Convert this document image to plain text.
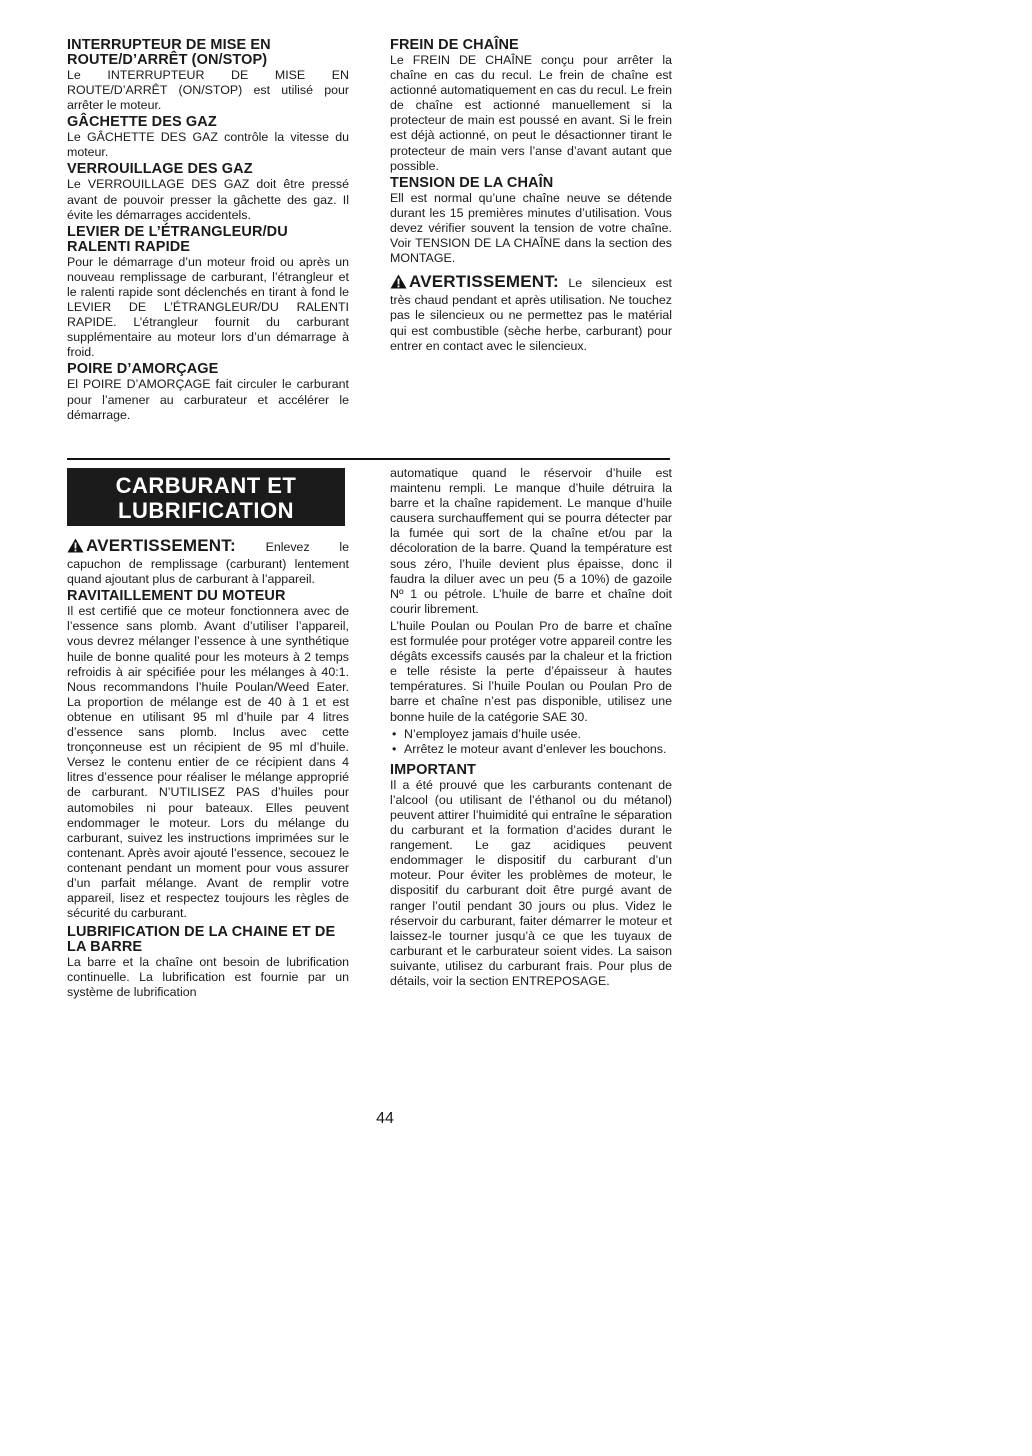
INTERRUPTEUR DE MISE EN ROUTE/D’ARRÊT (ON/STOP)

Le INTERRUPTEUR DE MISE EN ROUTE/D’ARRÊT (ON/STOP) est utilisé pour arrêter le moteur.

GÂCHETTE DES GAZ

Le GÂCHETTE DES GAZ contrôle la vitesse du moteur.

VERROUILLAGE DES GAZ

Le VERROUILLAGE DES GAZ doit être pressé avant de pouvoir presser la gâchette des gaz. Il évite les démarrages accidentels.

LEVIER DE L’ÉTRANGLEUR/DU RALENTI RAPIDE

Pour le démarrage d’un moteur froid ou après un nouveau remplissage de carburant, l’étrangleur et le ralenti rapide sont déclenchés en tirant à fond le LEVIER DE L’ÉTRANGLEUR/DU RALENTI RAPIDE. L’étrangleur fournit du carburant supplémentaire au moteur lors d’un démarrage à froid.

POIRE D’AMORÇAGE

El POIRE D’AMORÇAGE fait circuler le carburant pour l’amener au carburateur et accélérer le démarrage.

FREIN DE CHAÎNE

Le FREIN DE CHAÎNE conçu pour arrêter la chaîne en cas du recul. Le frein de chaîne est actionné automatiquement en cas du recul. Le frein de chaîne est actionné manuellement si la protecteur de main est poussé en avant. Si le frein est déjà actionné, on peut le désactionner tirant le protecteur de main vers l’anse d’avant autant que possible.

TENSION DE LA CHAÎN

Ell est normal qu’une chaîne neuve se détende durant les 15 premières minutes d’utilisation. Vous devez vérifier souvent la tension de votre chaîne. Voir TENSION DE LA CHAÎNE dans la section des MONTAGE.

AVERTISSEMENT: Le silencieux est très chaud pendant et après utilisation. Ne touchez pas le silencieux ou ne permettez pas le matérial qui est combustible (sèche herbe, carburant) pour entrer en contact avec le silencieux.

CARBURANT ET
LUBRIFICATION

AVERTISSEMENT: Enlevez le capuchon de remplissage (carburant) lentement quand ajoutant plus de carburant à l’appareil.

RAVITAILLEMENT DU MOTEUR

Il est certifié que ce moteur fonctionnera avec de l’essence sans plomb. Avant d’utiliser l’appareil, vous devrez mélanger l’essence à une synthétique huile de bonne qualité pour les moteurs à 2 temps refroidis à air spécifiée pour les mélanges à 40:1. Nous recommandons l’huile Poulan/Weed Eater. La proportion de mélange est de 40 à 1 et est obtenue en utilisant 95 ml d’huile par 4 litres d’essence sans plomb. Inclus avec cette tronçonneuse est un récipient de 95 ml d’huile. Versez le contenu entier de ce récipient dans 4 litres d’essence pour réaliser le mélange approprié de carburant. N’UTILISEZ PAS d’huiles pour automobiles ni pour bateaux. Elles peuvent endommager le moteur. Lors du mélange du carburant, suivez les instructions imprimées sur le contenant. Après avoir ajouté l’essence, secouez le contenant pendant un moment pour vous assurer d’un parfait mélange. Avant de remplir votre appareil, lisez et respectez toujours les règles de sécurité du carburant.

LUBRIFICATION DE LA CHAINE ET DE LA BARRE

La barre et la chaîne ont besoin de lubrification continuelle. La lubrification est fournie par un système de lubrification

automatique quand le réservoir d’huile est maintenu rempli. Le manque d’huile détruira la barre et la chaîne rapidement. Le manque d’huile causera surchauffement qui se pourra détecter par la fumée qui sort de la chaîne et/ou par la décoloration de la barre. Quand la température est sous zéro, l’huile devient plus épaisse, donc il faudra la diluer avec un peu (5 a 10%) de gazoile Nº 1 ou pétrole. L’huile de barre et chaîne doit courir librement.

L’huile Poulan ou Poulan Pro de barre et chaîne est formulée pour protéger votre appareil contre les dégâts excessifs causés par la chaleur et la friction e telle résiste la perte d’épaisseur à hautes températures. Si l’huile Poulan ou Poulan Pro de barre et chaîne n’est pas disponible, utilisez une bonne huile de la catégorie SAE 30.

• N’employez jamais d’huile usée.
• Arrêtez le moteur avant d’enlever les bouchons.
IMPORTANT

Il a été prouvé que les carburants contenant de l’alcool (ou utilisant de l’éthanol ou du métanol) peuvent attirer l’huimidité qui entraîne le séparation du carburant et la formation d’acides durant le rangement. Le gaz acidiques peuvent endommager le dispositif du carburant d’un moteur. Pour éviter les problèmes de moteur, le dispositif du carburant doit être purgé avant de ranger l’outil pendant 30 jours ou plus. Videz le réservoir du carburant, faiter démarrer le moteur et laissez-le tourner jusqu’à ce que les tuyaux de carburant et le carburateur soient vides. La saison suivante, utilisez du carburant frais. Pour plus de détails, voir la section ENTREPOSAGE.

44
